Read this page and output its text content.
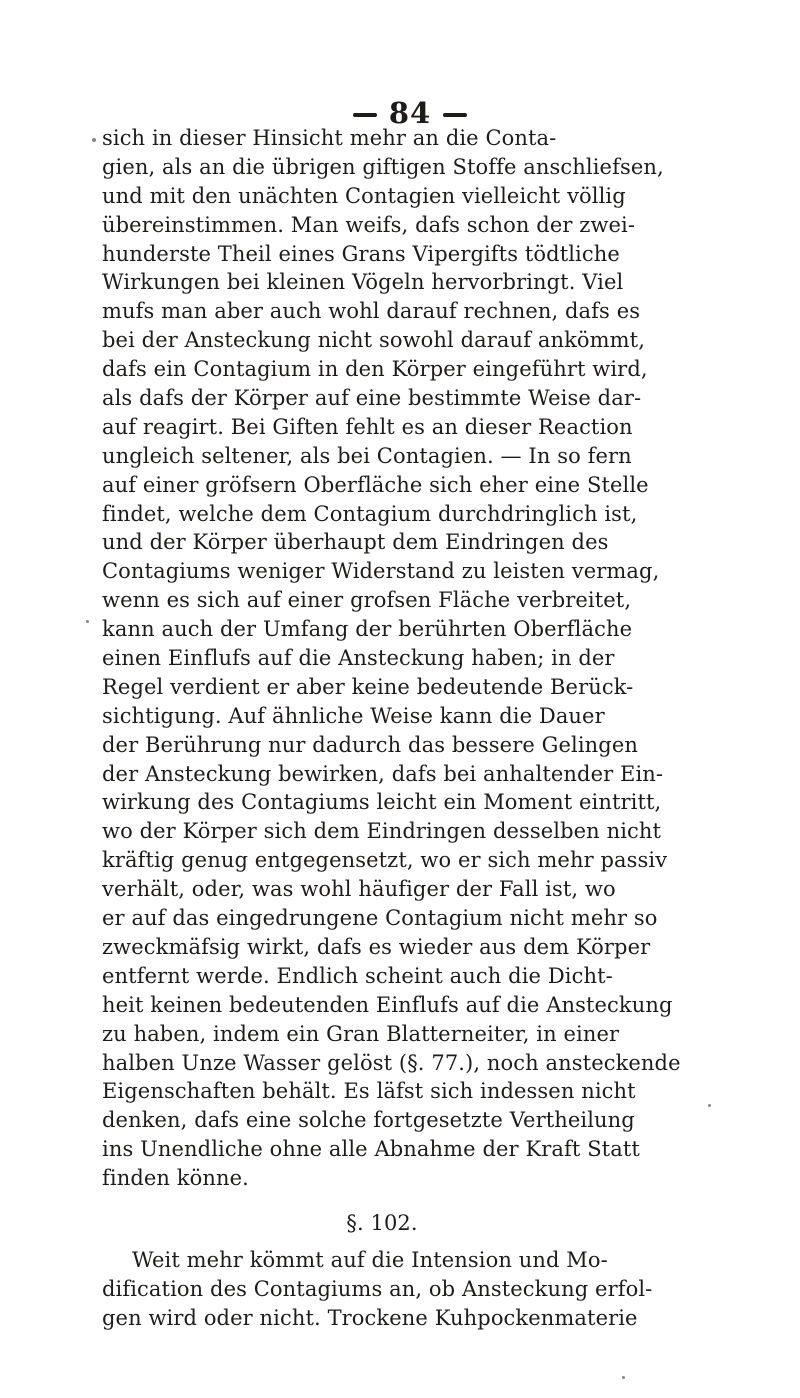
84
sich in dieser Hinsicht mehr an die Conta-
gien, als an die übrigen giftigen Stoffe anschliefsen,
und mit den unächten Contagien vielleicht völlig
übereinstimmen. Man weifs, dafs schon der zwei-
hunderste Theil eines Grans Vipergifts tödtliche
Wirkungen bei kleinen Vögeln hervorbringt. Viel
mufs man aber auch wohl darauf rechnen, dafs es
bei der Ansteckung nicht sowohl darauf ankömmt,
dafs ein Contagium in den Körper eingeführt wird,
als dafs der Körper auf eine bestimmte Weise dar-
auf reagirt. Bei Giften fehlt es an dieser Reaction
ungleich seltener, als bei Contagien. — In so fern
auf einer gröfsern Oberfläche sich eher eine Stelle
findet, welche dem Contagium durchdringlich ist,
und der Körper überhaupt dem Eindringen des
Contagiums weniger Widerstand zu leisten vermag,
wenn es sich auf einer grofsen Fläche verbreitet,
kann auch der Umfang der berührten Oberfläche
einen Einflufs auf die Ansteckung haben; in der
Regel verdient er aber keine bedeutende Berück-
sichtigung. Auf ähnliche Weise kann die Dauer
der Berührung nur dadurch das bessere Gelingen
der Ansteckung bewirken, dafs bei anhaltender Ein-
wirkung des Contagiums leicht ein Moment eintritt,
wo der Körper sich dem Eindringen desselben nicht
kräftig genug entgegensetzt, wo er sich mehr passiv
verhält, oder, was wohl häufiger der Fall ist, wo
er auf das eingedrungene Contagium nicht mehr so
zweckmäfsig wirkt, dafs es wieder aus dem Körper
entfernt werde. Endlich scheint auch die Dicht-
heit keinen bedeutenden Einflufs auf die Ansteckung
zu haben, indem ein Gran Blatterneiter, in einer
halben Unze Wasser gelöst (§. 77.), noch ansteckende
Eigenschaften behält. Es läfst sich indessen nicht
denken, dafs eine solche fortgesetzte Vertheilung
ins Unendliche ohne alle Abnahme der Kraft Statt
finden könne.
§. 102.
Weit mehr kömmt auf die Intension und Mo-
dification des Contagiums an, ob Ansteckung erfol-
gen wird oder nicht. Trockene Kuhpockenmaterie
